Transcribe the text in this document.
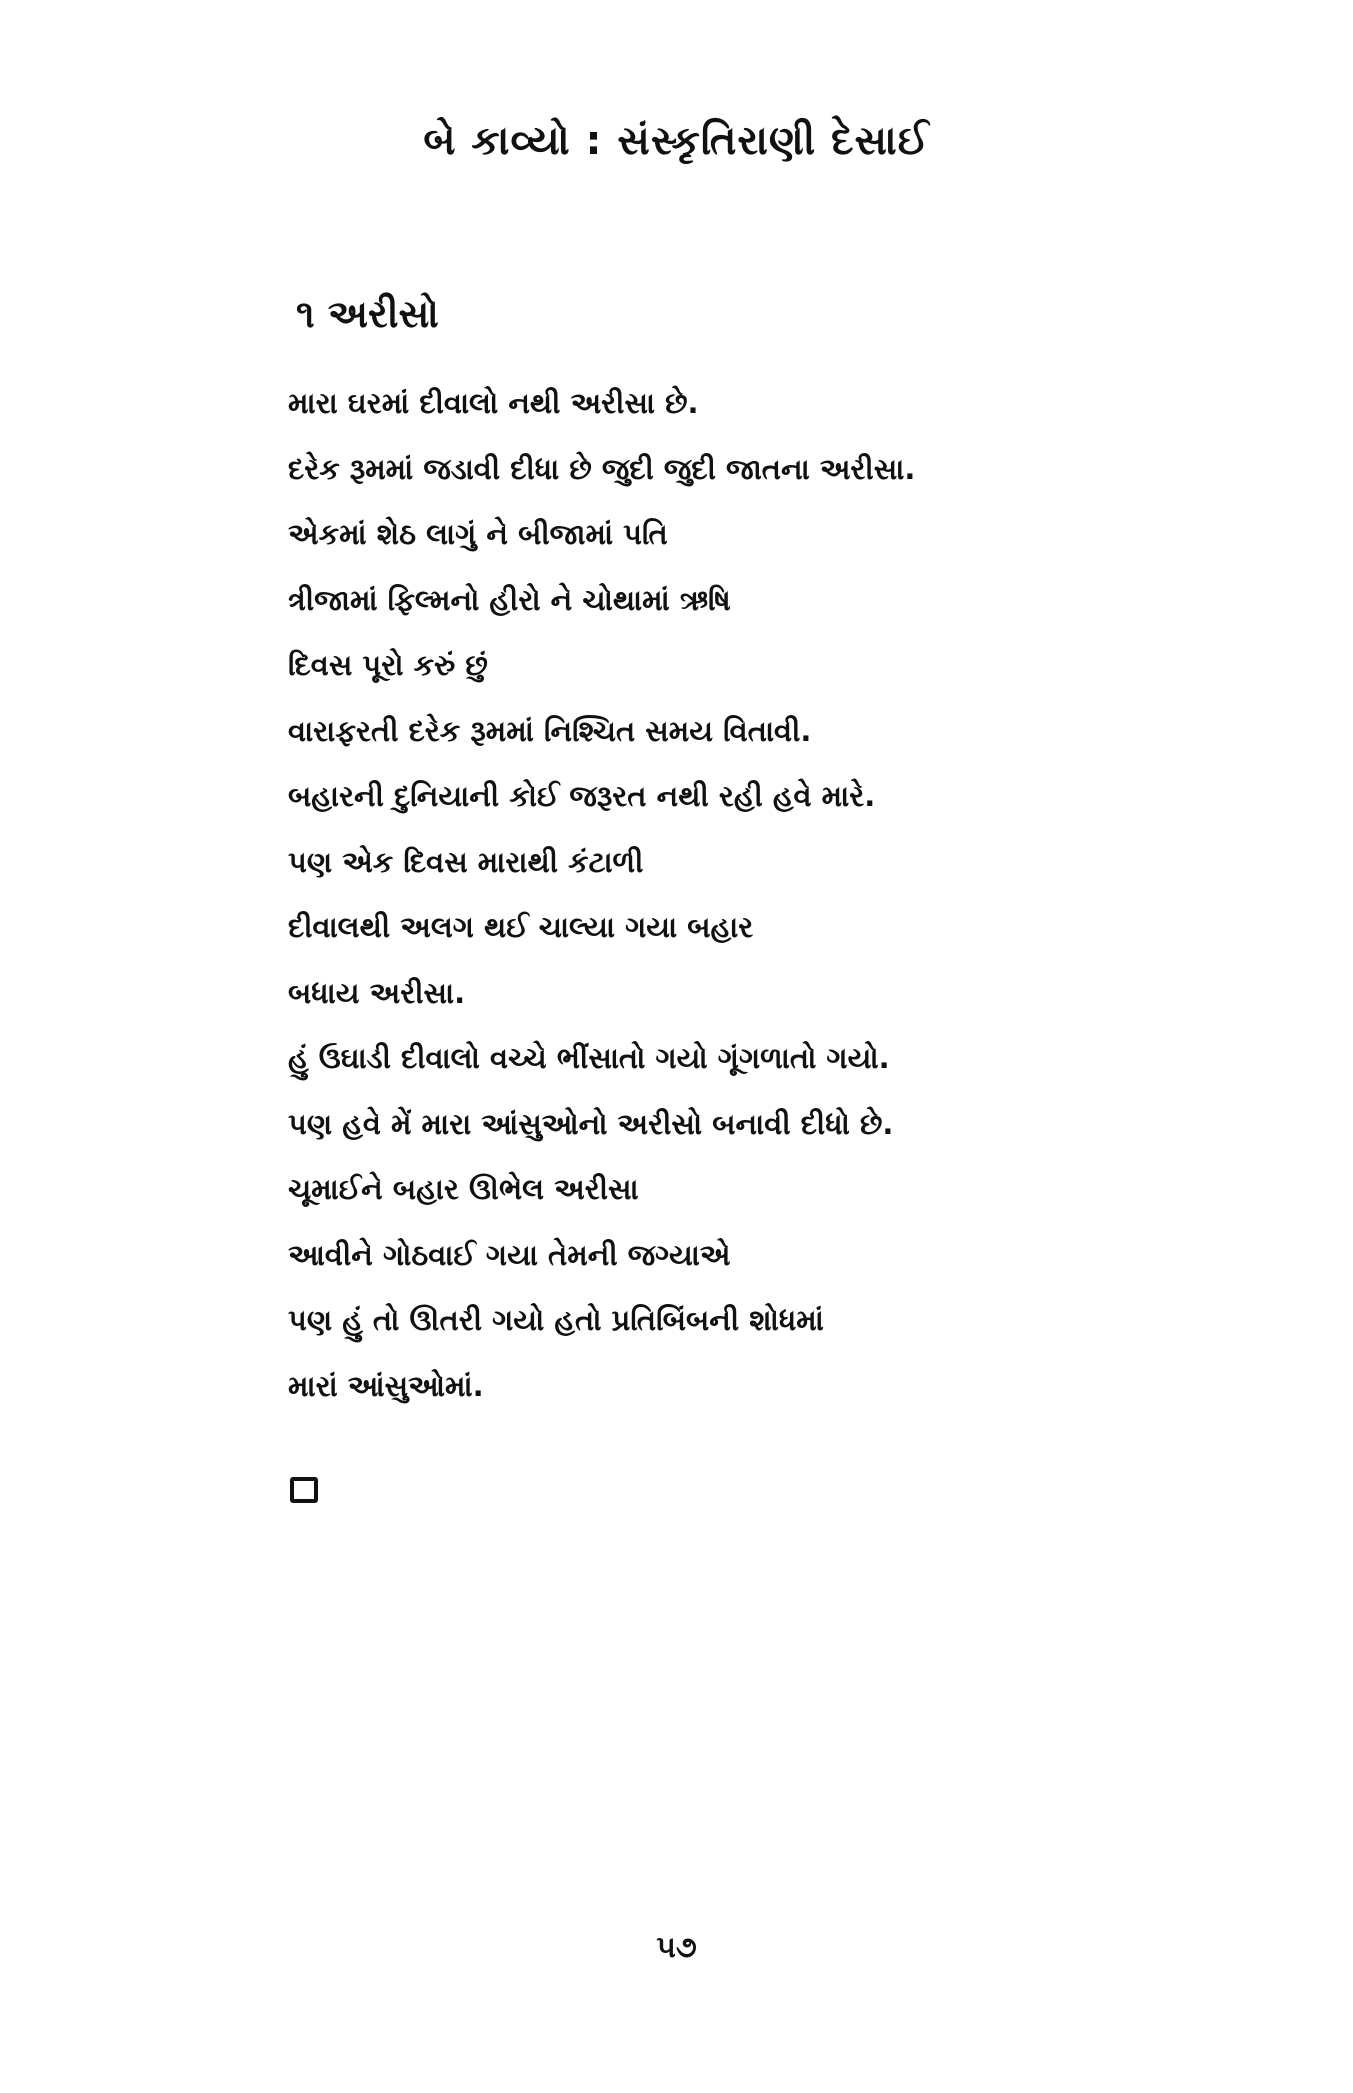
બે કાવ્યો : સંસ્કૃતિરાણી દેસાઈ
૧ અરીસો
મારા ઘરમાં દીવાલો નથી અરીસા છે.
દરેક રૂમમાં જડાવી દીધા છે જુદી જુદી જાતના અરીસા.
એકમાં શેઠ લાગું ને બીજામાં પતિ
ત્રીજામાં ફિલ્મનો હીરો ને ચોથામાં ઋષિ
દિવસ પૂરો કરું છું
વારાફરતી દરેક રૂમમાં નિશ્ચિત સમય વિતાવી.
બહારની દુનિયાની કોઈ જરૂરત નથી રહી હવે મારે.
પણ એક દિવસ મારાથી કંટાળી
દીવાલથી અલગ થઈ ચાલ્યા ગયા બહાર
બધાય અરીસા.
હું ઉઘાડી દીવાલો વચ્ચે ભીંસાતો ગયો ગૂંગળાતો ગયો.
પણ હવે મેં મારા આંસુઓનો અરીસો બનાવી દીધો છે.
ચૂમાઈને બહાર ઊભેલ અરીસા
આવીને ગોઠવાઈ ગયા તેમની જગ્યાએ
પણ હું તો ઊતરી ગયો હતો પ્રતિબિંબની શોધમાં
મારાં આંસુઓમાં.
૫૭
